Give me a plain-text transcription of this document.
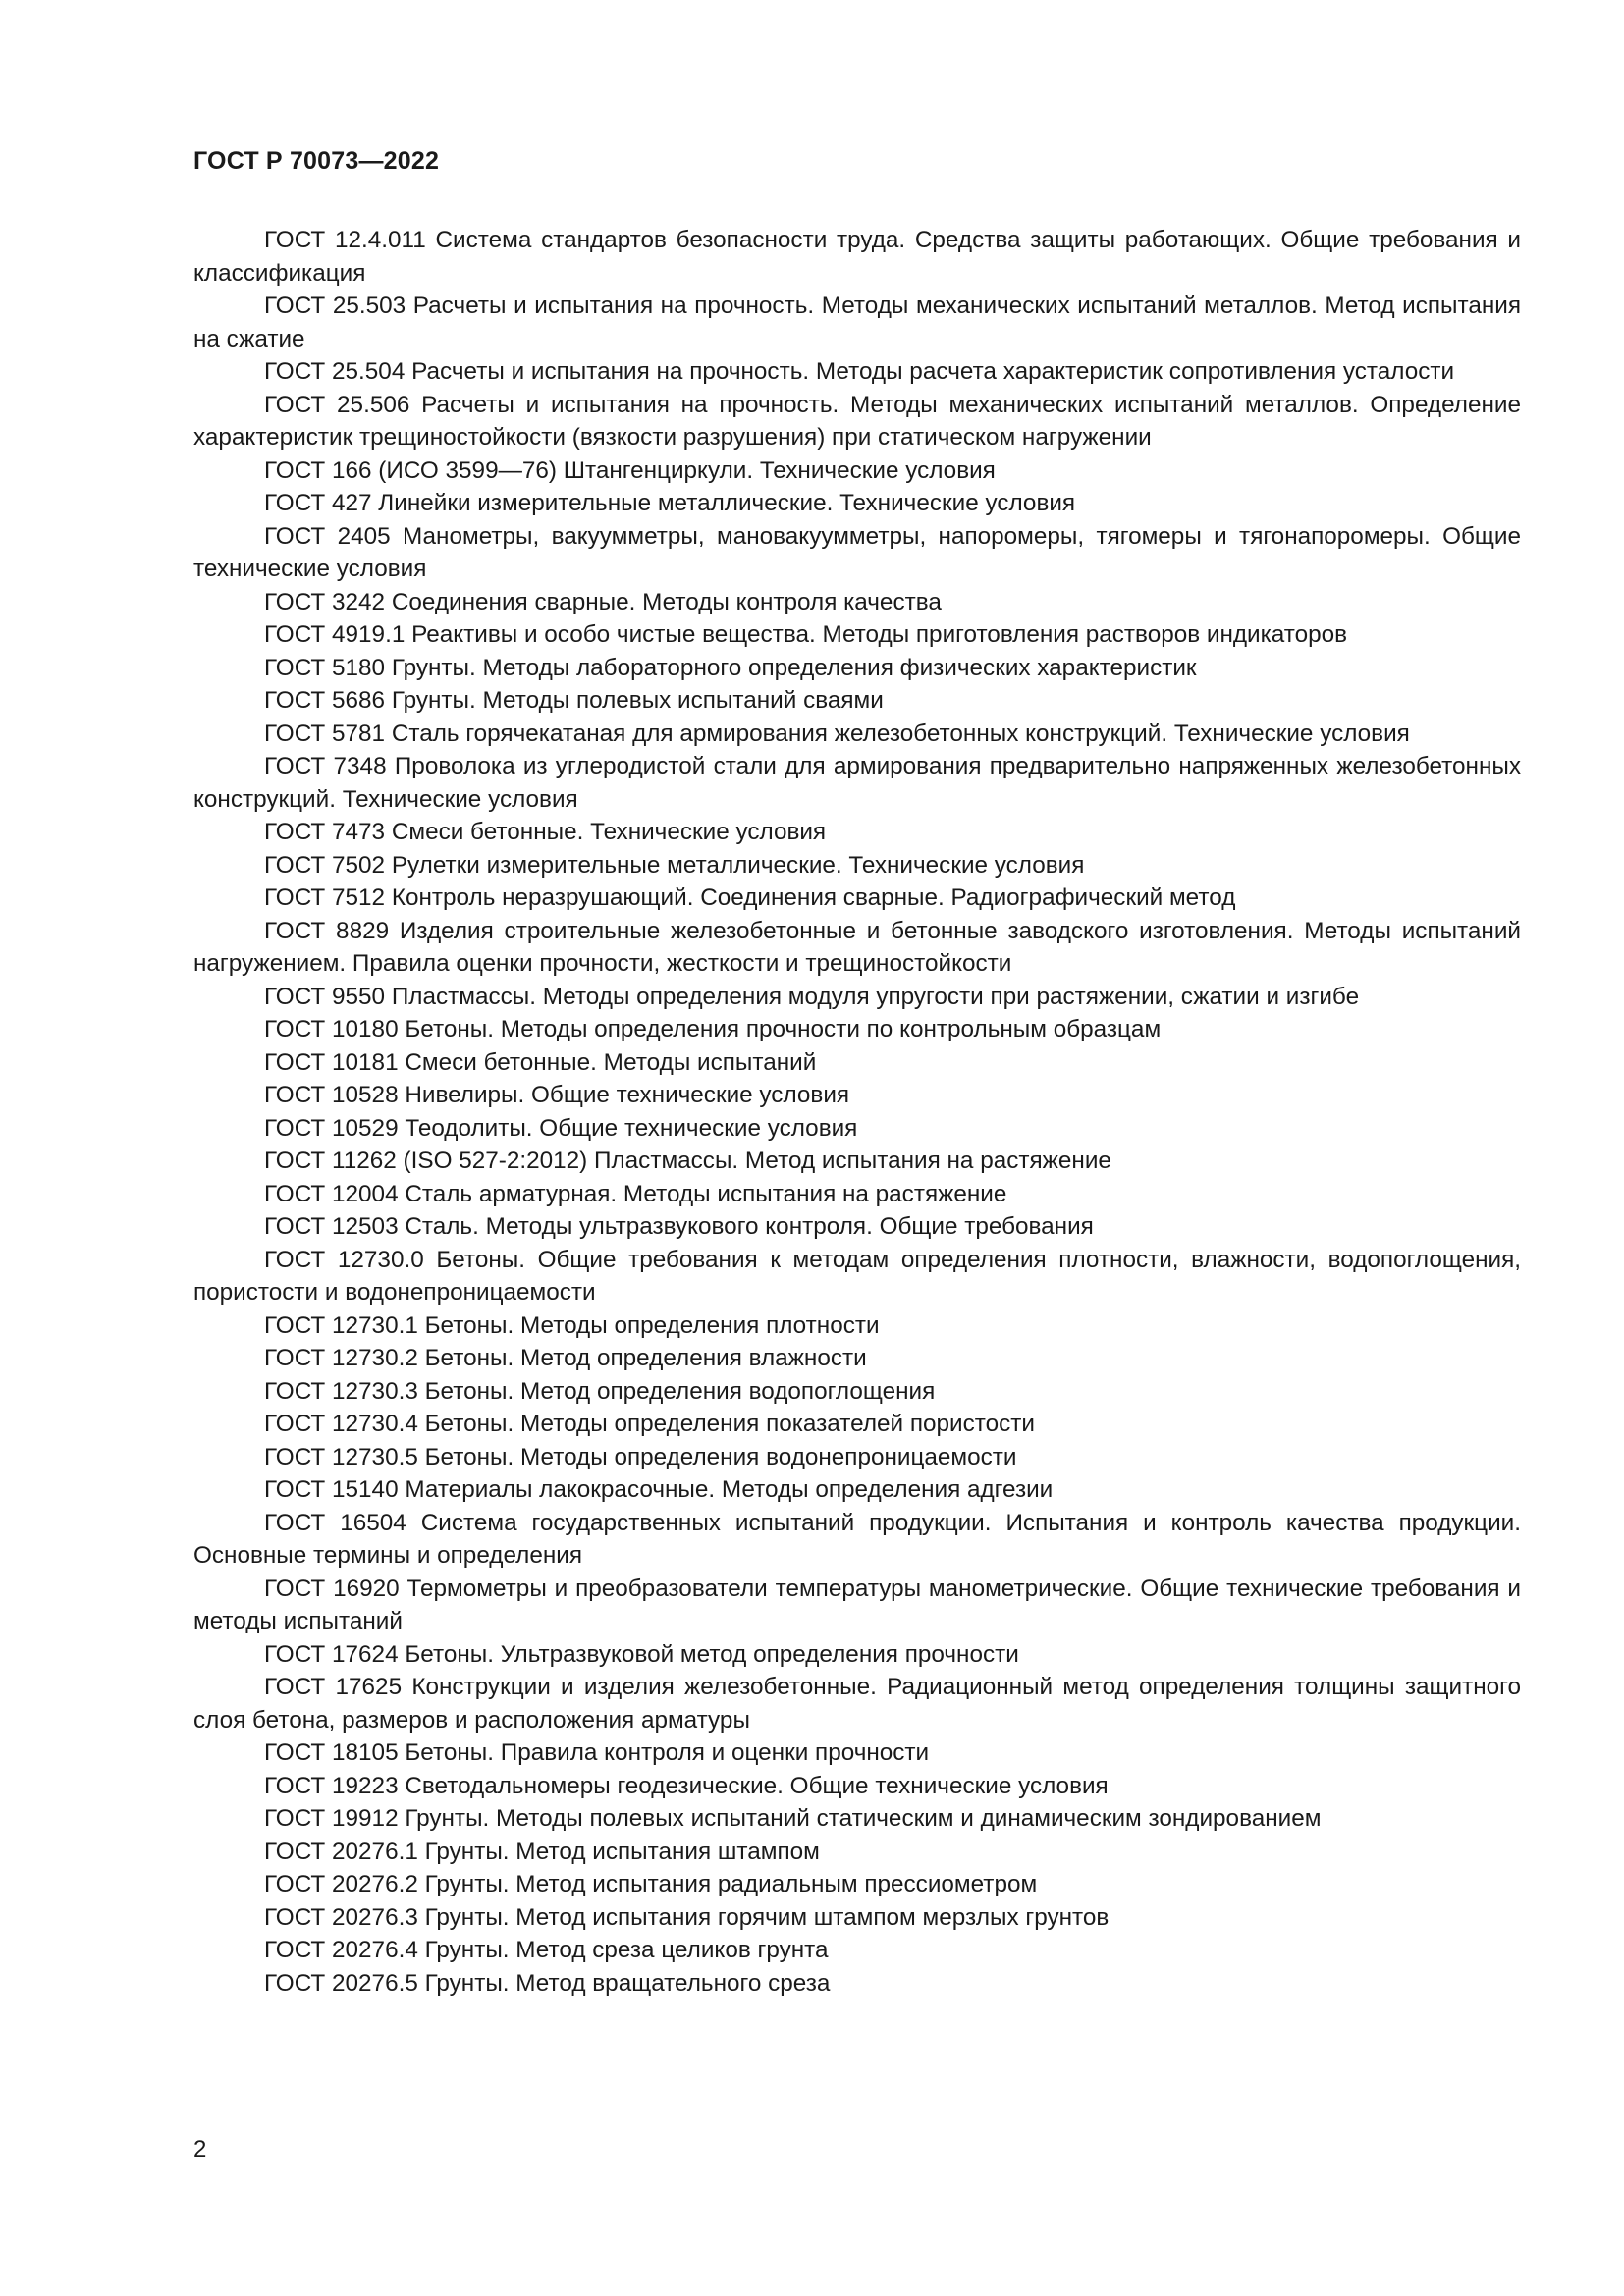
ГОСТ Р 70073—2022
ГОСТ 12.4.011 Система стандартов безопасности труда. Средства защиты работающих. Общие требования и классификация
ГОСТ 25.503 Расчеты и испытания на прочность. Методы механических испытаний металлов. Метод испытания на сжатие
ГОСТ 25.504 Расчеты и испытания на прочность. Методы расчета характеристик сопротивления усталости
ГОСТ 25.506 Расчеты и испытания на прочность. Методы механических испытаний металлов. Определение характеристик трещиностойкости (вязкости разрушения) при статическом нагружении
ГОСТ 166 (ИСО 3599—76) Штангенциркули. Технические условия
ГОСТ 427 Линейки измерительные металлические. Технические условия
ГОСТ 2405 Манометры, вакуумметры, мановакуумметры, напоромеры, тягомеры и тягонапоромеры. Общие технические условия
ГОСТ 3242 Соединения сварные. Методы контроля качества
ГОСТ 4919.1 Реактивы и особо чистые вещества. Методы приготовления растворов индикаторов
ГОСТ 5180 Грунты. Методы лабораторного определения физических характеристик
ГОСТ 5686 Грунты. Методы полевых испытаний сваями
ГОСТ 5781 Сталь горячекатаная для армирования железобетонных конструкций. Технические условия
ГОСТ 7348 Проволока из углеродистой стали для армирования предварительно напряженных железобетонных конструкций. Технические условия
ГОСТ 7473 Смеси бетонные. Технические условия
ГОСТ 7502 Рулетки измерительные металлические. Технические условия
ГОСТ 7512 Контроль неразрушающий. Соединения сварные. Радиографический метод
ГОСТ 8829 Изделия строительные железобетонные и бетонные заводского изготовления. Методы испытаний нагружением. Правила оценки прочности, жесткости и трещиностойкости
ГОСТ 9550 Пластмассы. Методы определения модуля упругости при растяжении, сжатии и изгибе
ГОСТ 10180 Бетоны. Методы определения прочности по контрольным образцам
ГОСТ 10181 Смеси бетонные. Методы испытаний
ГОСТ 10528 Нивелиры. Общие технические условия
ГОСТ 10529 Теодолиты. Общие технические условия
ГОСТ 11262 (ISO 527-2:2012) Пластмассы. Метод испытания на растяжение
ГОСТ 12004 Сталь арматурная. Методы испытания на растяжение
ГОСТ 12503 Сталь. Методы ультразвукового контроля. Общие требования
ГОСТ 12730.0 Бетоны. Общие требования к методам определения плотности, влажности, водопоглощения, пористости и водонепроницаемости
ГОСТ 12730.1 Бетоны. Методы определения плотности
ГОСТ 12730.2 Бетоны. Метод определения влажности
ГОСТ 12730.3 Бетоны. Метод определения водопоглощения
ГОСТ 12730.4 Бетоны. Методы определения показателей пористости
ГОСТ 12730.5 Бетоны. Методы определения водонепроницаемости
ГОСТ 15140 Материалы лакокрасочные. Методы определения адгезии
ГОСТ 16504 Система государственных испытаний продукции. Испытания и контроль качества продукции. Основные термины и определения
ГОСТ 16920 Термометры и преобразователи температуры манометрические. Общие технические требования и методы испытаний
ГОСТ 17624 Бетоны. Ультразвуковой метод определения прочности
ГОСТ 17625 Конструкции и изделия железобетонные. Радиационный метод определения толщины защитного слоя бетона, размеров и расположения арматуры
ГОСТ 18105 Бетоны. Правила контроля и оценки прочности
ГОСТ 19223 Светодальномеры геодезические. Общие технические условия
ГОСТ 19912 Грунты. Методы полевых испытаний статическим и динамическим зондированием
ГОСТ 20276.1 Грунты. Метод испытания штампом
ГОСТ 20276.2 Грунты. Метод испытания радиальным прессиометром
ГОСТ 20276.3 Грунты. Метод испытания горячим штампом мерзлых грунтов
ГОСТ 20276.4 Грунты. Метод среза целиков грунта
ГОСТ 20276.5 Грунты. Метод вращательного среза
2
